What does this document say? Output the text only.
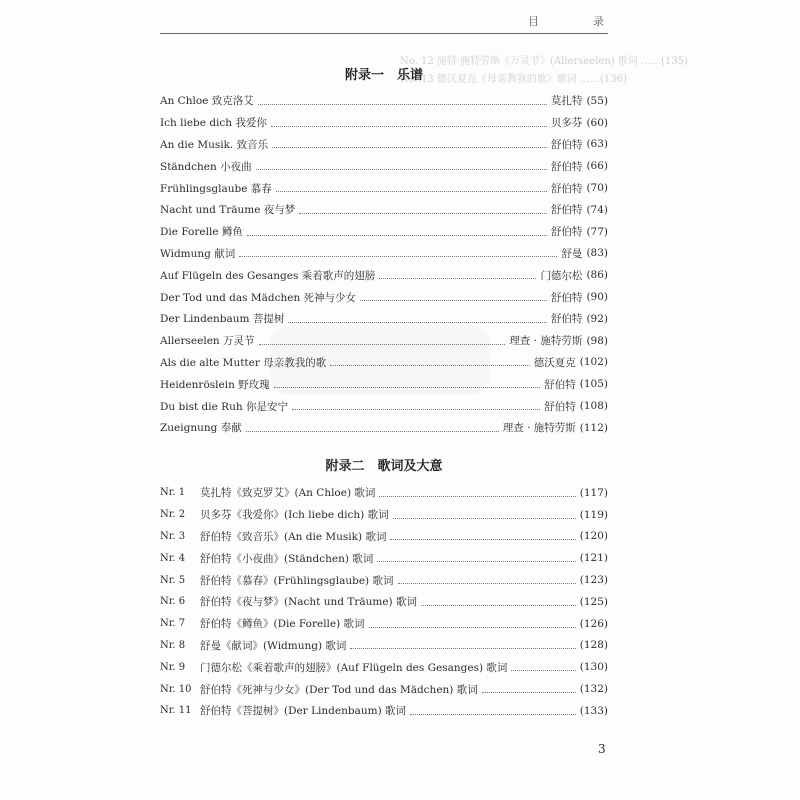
目	录
No. 12 施特·施特劳斯《万灵节》(Allerseelen) 歌词 ……(135)
No. 13 德沃夏克《母亲教我的歌》歌词 ……(136)
附录一　乐谱
An Chloe 致克洛艾	莫扎特 (55)
Ich liebe dich 我爱你	贝多芬 (60)
An die Musik. 致音乐	舒伯特 (63)
Ständchen 小夜曲	舒伯特 (66)
Frühlingsglaube 慕春	舒伯特 (70)
Nacht und Träume 夜与梦	舒伯特 (74)
Die Forelle 鳟鱼	舒伯特 (77)
Widmung 献词	舒曼 (83)
Auf Flügeln des Gesanges 乘着歌声的翅膀	门德尔松 (86)
Der Tod und das Mädchen 死神与少女	舒伯特 (90)
Der Lindenbaum 菩提树	舒伯特 (92)
Allerseelen 万灵节	理查 · 施特劳斯 (98)
Als die alte Mutter 母亲教我的歌	德沃夏克 (102)
Heidenröslein 野玫瑰	舒伯特 (105)
Du bist die Ruh 你是安宁	舒伯特 (108)
Zueignung 奉献	理查 · 施特劳斯 (112)
附录二　歌词及大意
Nr. 1	莫扎特《致克罗艾》(An Chloe) 歌词	(117)
Nr. 2	贝多芬《我爱你》(Ich liebe dich) 歌词	(119)
Nr. 3	舒伯特《致音乐》(An die Musik) 歌词	(120)
Nr. 4	舒伯特《小夜曲》(Ständchen) 歌词	(121)
Nr. 5	舒伯特《慕春》(Frühlingsglaube) 歌词	(123)
Nr. 6	舒伯特《夜与梦》(Nacht und Träume) 歌词	(125)
Nr. 7	舒伯特《鳟鱼》(Die Forelle) 歌词	(126)
Nr. 8	舒曼《献词》(Widmung) 歌词	(128)
Nr. 9	门德尔松《乘着歌声的翅膀》(Auf Flügeln des Gesanges) 歌词	(130)
Nr. 10 舒伯特《死神与少女》(Der Tod und das Mädchen) 歌词	(132)
Nr. 11 舒伯特《菩提树》(Der Lindenbaum) 歌词	(133)
3
